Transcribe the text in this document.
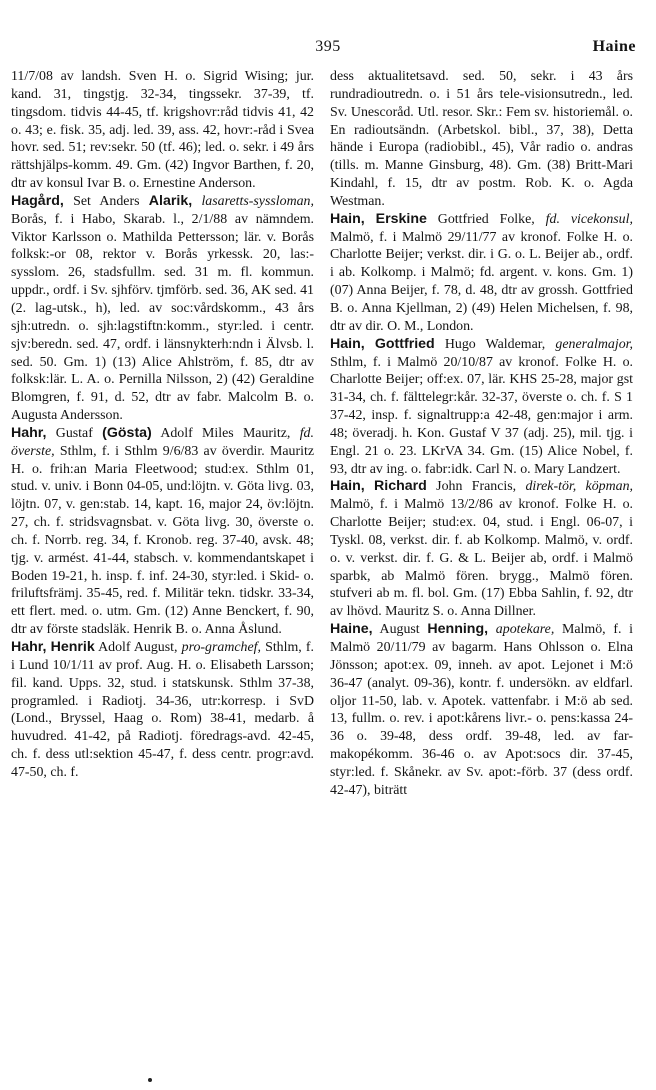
395	Haine

11/7/08 av landsh. Sven H. o. Sigrid Wising; jur. kand. 31, tingstjg. 32-34, tingssekr. 37-39, tf. tingsdom. tidvis 44-45, tf. krigshovr:råd tidvis 41, 42 o. 43; e. fisk. 35, adj. led. 39, ass. 42, hovr:-råd i Svea hovr. sed. 51; rev:sekr. 50 (tf. 46); led. o. sekr. i 49 års rättshjälps-komm. 49. Gm. (42) Ingvor Barthen, f. 20, dtr av konsul Ivar B. o. Ernestine Anderson.

Hagård, Set Anders Alarik, lasaretts-syssloman, Borås, f. i Habo, Skarab. l., 2/1/88 av nämndem. Viktor Karlsson o. Mathilda Pettersson; lär. v. Borås folksk:-or 08, rektor v. Borås yrkessk. 20, las:-sysslom. 26, stadsfullm. sed. 31 m. fl. kommun. uppdr., ordf. i Sv. sjhförv. tjmförb. sed. 36, AK sed. 41 (2. lag-utsk., h), led. av soc:vårdskomm., 43 års sjh:utredn. o. sjh:lagstiftn:komm., styr:led. i centr. sjv:beredn. sed. 47, ordf. i länsnykterh:ndn i Älvsb. l. sed. 50. Gm. 1) (13) Alice Ahlström, f. 85, dtr av folksk:lär. L. A. o. Pernilla Nilsson, 2) (42) Geraldine Blomgren, f. 91, d. 52, dtr av fabr. Malcolm B. o. Augusta Andersson.

Hahr, Gustaf (Gösta) Adolf Miles Mauritz, fd. överste, Sthlm, f. i Sthlm 9/6/83 av överdir. Mauritz H. o. frih:an Maria Fleetwood; stud:ex. Sthlm 01, stud. v. univ. i Bonn 04-05, und:löjtn. v. Göta livg. 03, löjtn. 07, v. gen:stab. 14, kapt. 16, major 24, öv:löjtn. 27, ch. f. stridsvagnsbat. v. Göta livg. 30, överste o. ch. f. Norrb. reg. 34, f. Kronob. reg. 37-40, avsk. 48; tjg. v. armést. 41-44, stabsch. v. kommendantskapet i Boden 19-21, h. insp. f. inf. 24-30, styr:led. i Skid- o. friluftsfrämj. 35-45, red. f. Militär tekn. tidskr. 33-34, ett flert. med. o. utm. Gm. (12) Anne Benckert, f. 90, dtr av förste stadsläk. Henrik B. o. Anna Åslund.

Hahr, Henrik Adolf August, pro-gramchef, Sthlm, f. i Lund 10/1/11 av prof. Aug. H. o. Elisabeth Larsson; fil. kand. Upps. 32, stud. i statskunsk. Sthlm 37-38, programled. i Radiotj. 34-36, utr:korresp. i SvD (Lond., Bryssel, Haag o. Rom) 38-41, medarb. å huvudred. 41-42, på Radiotj. föredrags-avd. 42-45, ch. f. dess utl:sektion 45-47, f. dess centr. progr:avd. 47-50, ch. f.

dess aktualitetsavd. sed. 50, sekr. i 43 års rundradioutredn. o. i 51 års tele-visionsutredn., led. Sv. Unescoråd. Utl. resor. Skr.: Fem sv. historiemål. o. En radioutsändn. (Arbetskol. bibl., 37, 38), Detta hände i Europa (radiobibl., 45), Vår radio o. andras (tills. m. Manne Ginsburg, 48). Gm. (38) Britt-Mari Kindahl, f. 15, dtr av postm. Rob. K. o. Agda Westman.

Hain, Erskine Gottfried Folke, fd. vicekonsul, Malmö, f. i Malmö 29/11/77 av kronof. Folke H. o. Charlotte Beijer; verkst. dir. i G. o. L. Beijer ab., ordf. i ab. Kolkomp. i Malmö; fd. argent. v. kons. Gm. 1) (07) Anna Beijer, f. 78, d. 48, dtr av grossh. Gottfried B. o. Anna Kjellman, 2) (49) Helen Michelsen, f. 98, dtr av dir. O. M., London.

Hain, Gottfried Hugo Waldemar, generalmajor, Sthlm, f. i Malmö 20/10/87 av kronof. Folke H. o. Charlotte Beijer; off:ex. 07, lär. KHS 25-28, major gst 31-34, ch. f. fälttelegr:kår. 32-37, överste o. ch. f. S 1 37-42, insp. f. signaltrupp:a 42-48, gen:major i arm. 48; överadj. h. Kon. Gustaf V 37 (adj. 25), mil. tjg. i Engl. 21 o. 23. LKrVA 34. Gm. (15) Alice Nobel, f. 93, dtr av ing. o. fabr:idk. Carl N. o. Mary Landzert.

Hain, Richard John Francis, direk-tör, köpman, Malmö, f. i Malmö 13/2/86 av kronof. Folke H. o. Charlotte Beijer; stud:ex. 04, stud. i Engl. 06-07, i Tyskl. 08, verkst. dir. f. ab Kolkomp. Malmö, v. ordf. o. v. verkst. dir. f. G. & L. Beijer ab, ordf. i Malmö sparbk, ab Malmö fören. brygg., Malmö fören. stufveri ab m. fl. bol. Gm. (17) Ebba Sahlin, f. 92, dtr av lhövd. Mauritz S. o. Anna Dillner.

Haine, August Henning, apotekare, Malmö, f. i Malmö 20/11/79 av bagarm. Hans Ohlsson o. Elna Jönsson; apot:ex. 09, inneh. av apot. Lejonet i M:ö 36-47 (analyt. 09-36), kontr. f. undersökn. av eldfarl. oljor 11-50, lab. v. Apotek. vattenfabr. i M:ö ab sed. 13, fullm. o. rev. i apot:kårens livr.- o. pens:kassa 24-36 o. 39-48, dess ordf. 39-48, led. av far-makopékomm. 36-46 o. av Apot:socs dir. 37-45, styr:led. f. Skånekr. av Sv. apot:-förb. 37 (dess ordf. 42-47), biträtt
